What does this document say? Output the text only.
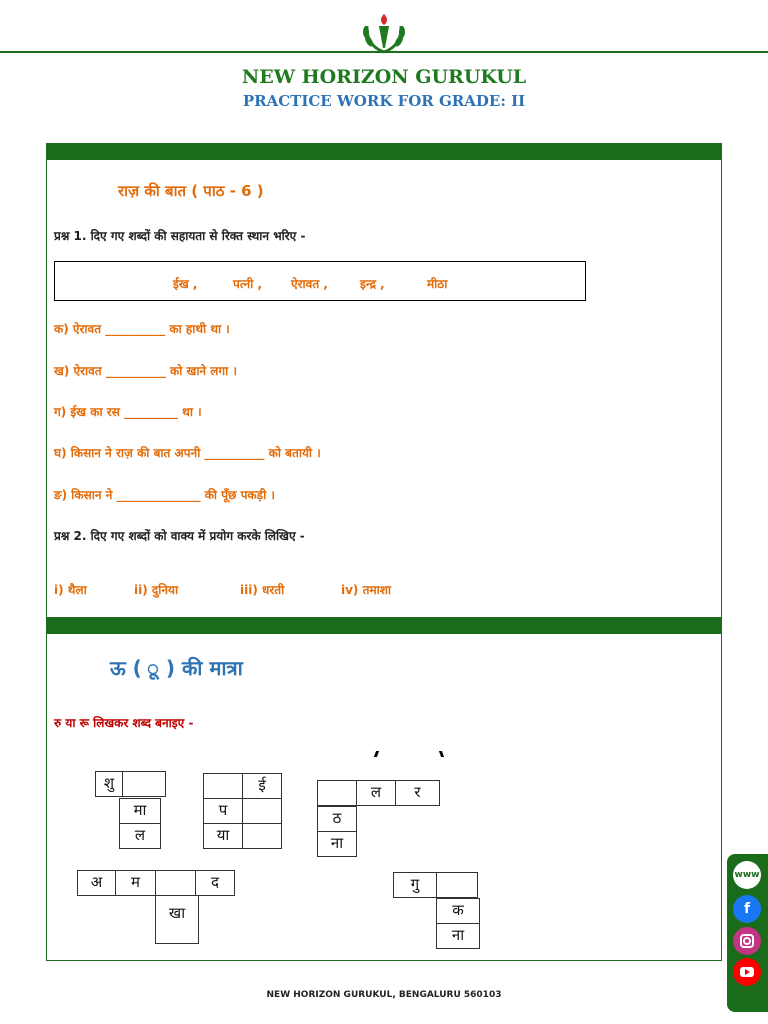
NEW HORIZON GURUKUL
PRACTICE WORK FOR GRADE: II
राज़ की बात ( पाठ - 6 )
प्रश्न 1. दिए गए शब्दों की सहायता से रिक्त स्थान भरिए -
ईख ,	पत्नी , ऐरावत ,	इन्द्र ,	मीठा
क) ऐरावत __________ का हाथी था ।
ख) ऐरावत __________ को खाने लगा ।
ग) ईख का रस _________ था ।
घ) किसान ने राज़ की बात अपनी __________ को बतायी ।
ङ) किसान ने ______________ की पूँछ पकड़ी ।
प्रश्न 2. दिए गए शब्दों को वाक्य में प्रयोग करके लिखिए -
i) थैला	ii) दुनिया	iii) धरती	iv) तमाशा
ऊ ( ू ) की मात्रा
रु या रू लिखकर शब्द बनाइए -
शु
मा
ल
ई
प
या
ल	र
ठ
ना
अ	म	द
खा
गु
क
ना
NEW HORIZON GURUKUL, BENGALURU 560103
www
f
